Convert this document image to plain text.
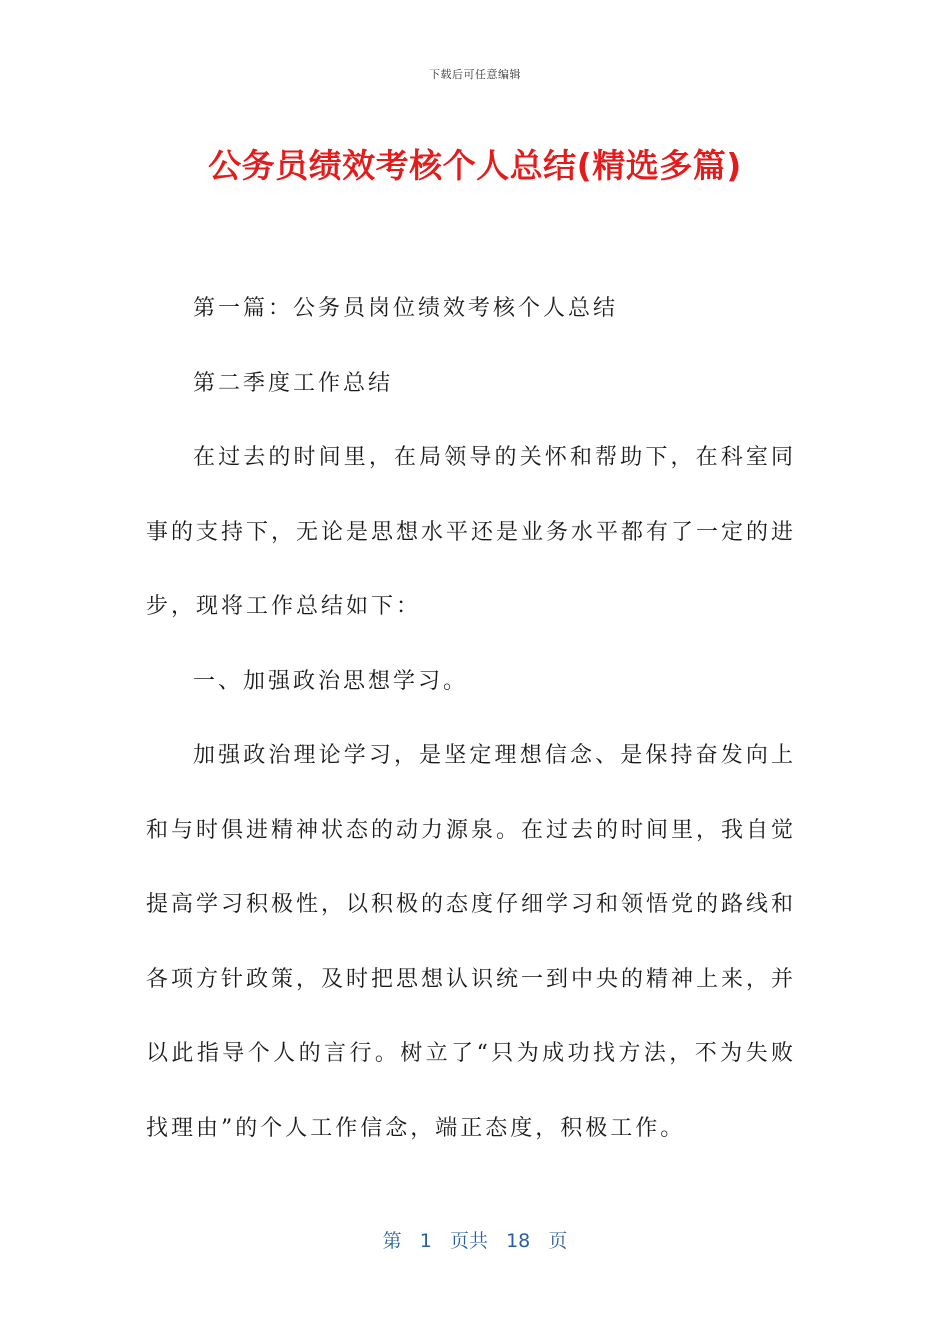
下载后可任意编辑
公务员绩效考核个人总结(精选多篇)

第一篇：公务员岗位绩效考核个人总结

第二季度工作总结

在过去的时间里，在局领导的关怀和帮助下，在科室同事的支持下，无论是思想水平还是业务水平都有了一定的进步，现将工作总结如下：

一、加强政治思想学习。

加强政治理论学习，是坚定理想信念、是保持奋发向上和与时俱进精神状态的动力源泉。在过去的时间里，我自觉提高学习积极性，以积极的态度仔细学习和领悟党的路线和各项方针政策，及时把思想认识统一到中央的精神上来，并以此指导个人的言行。树立了“只为成功找方法，不为失败找理由”的个人工作信念，端正态度，积极工作。

第 1 页共 18 页
